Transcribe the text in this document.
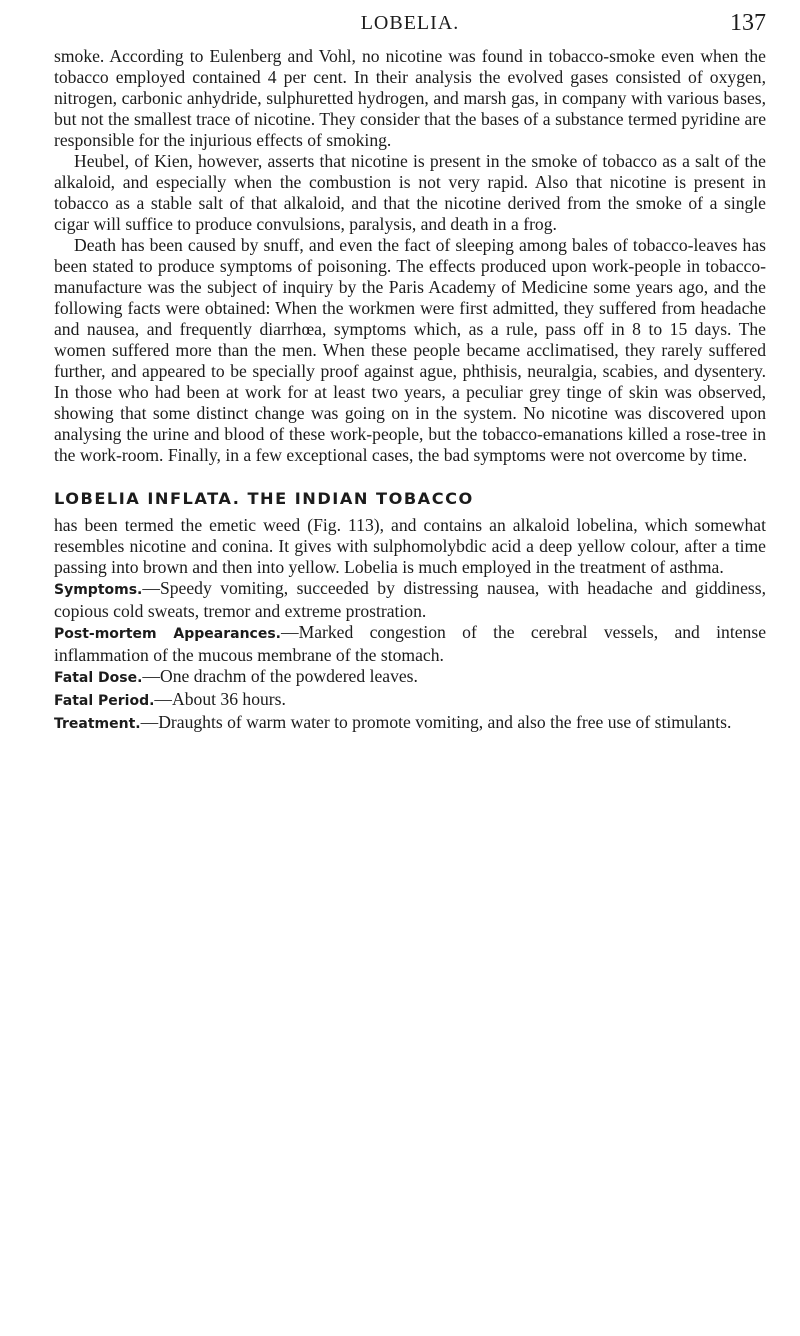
LOBELIA.	137

smoke. According to Eulenberg and Vohl, no nicotine was found in tobacco-smoke even when the tobacco employed contained 4 per cent. In their analysis the evolved gases consisted of oxygen, nitrogen, carbonic anhydride, sulphuretted hydrogen, and marsh gas, in company with various bases, but not the smallest trace of nicotine. They consider that the bases of a substance termed pyridine are responsible for the injurious effects of smoking.

Heubel, of Kien, however, asserts that nicotine is present in the smoke of tobacco as a salt of the alkaloid, and especially when the combustion is not very rapid. Also that nicotine is present in tobacco as a stable salt of that alkaloid, and that the nicotine derived from the smoke of a single cigar will suffice to produce convulsions, paralysis, and death in a frog.

Death has been caused by snuff, and even the fact of sleeping among bales of tobacco-leaves has been stated to produce symptoms of poisoning. The effects produced upon work-people in tobacco-manufacture was the subject of inquiry by the Paris Academy of Medicine some years ago, and the following facts were obtained: When the workmen were first admitted, they suffered from headache and nausea, and frequently diarrhœa, symptoms which, as a rule, pass off in 8 to 15 days. The women suffered more than the men. When these people became acclimatised, they rarely suffered further, and appeared to be specially proof against ague, phthisis, neuralgia, scabies, and dysentery. In those who had been at work for at least two years, a peculiar grey tinge of skin was observed, showing that some distinct change was going on in the system. No nicotine was discovered upon analysing the urine and blood of these work-people, but the tobacco-emanations killed a rose-tree in the work-room. Finally, in a few exceptional cases, the bad symptoms were not overcome by time.

LOBELIA INFLATA. THE INDIAN TOBACCO

has been termed the emetic weed (Fig. 113), and contains an alkaloid lobelina, which somewhat resembles nicotine and conina. It gives with sulphomolybdic acid a deep yellow colour, after a time passing into brown and then into yellow. Lobelia is much employed in the treatment of asthma.

Symptoms.—Speedy vomiting, succeeded by distressing nausea, with headache and giddiness, copious cold sweats, tremor and extreme prostration.

Post-mortem Appearances.—Marked congestion of the cerebral vessels, and intense inflammation of the mucous membrane of the stomach.

Fatal Dose.—One drachm of the powdered leaves.

Fatal Period.—About 36 hours.

Treatment.—Draughts of warm water to promote vomiting, and also the free use of stimulants.
